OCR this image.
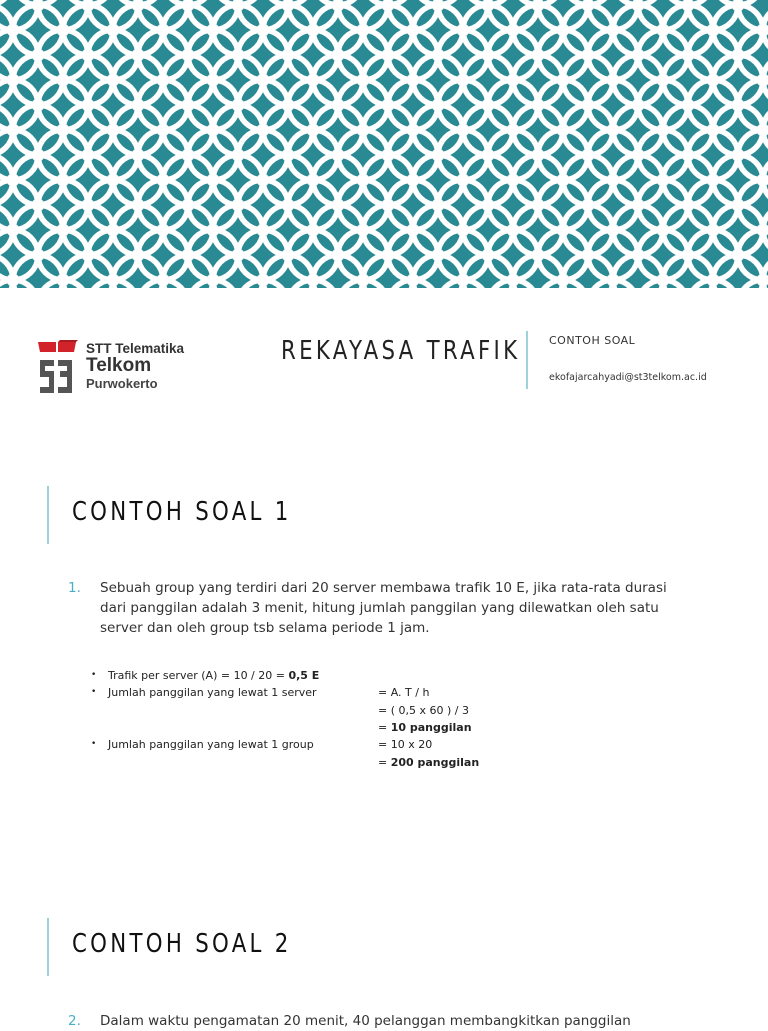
STT Telematika
Telkom
Purwokerto
REKAYASA TRAFIK	CONTOH SOAL
ekofajarcahyadi@st3telkom.ac.id
CONTOH SOAL 1
1. Sebuah group yang terdiri dari 20 server membawa trafik 10 E, jika rata-rata durasi dari panggilan adalah 3 menit, hitung jumlah panggilan yang dilewatkan oleh satu server dan oleh group tsb selama periode 1 jam.
• Trafik per server (A) = 10 / 20 = 0,5 E
• Jumlah panggilan yang lewat 1 server	= A. T / h
= ( 0,5 x 60 ) / 3
= 10 panggilan
• Jumlah panggilan yang lewat 1 group	= 10 x 20
= 200 panggilan
CONTOH SOAL 2
2. Dalam waktu pengamatan 20 menit, 40 pelanggan membangkitkan panggilan
